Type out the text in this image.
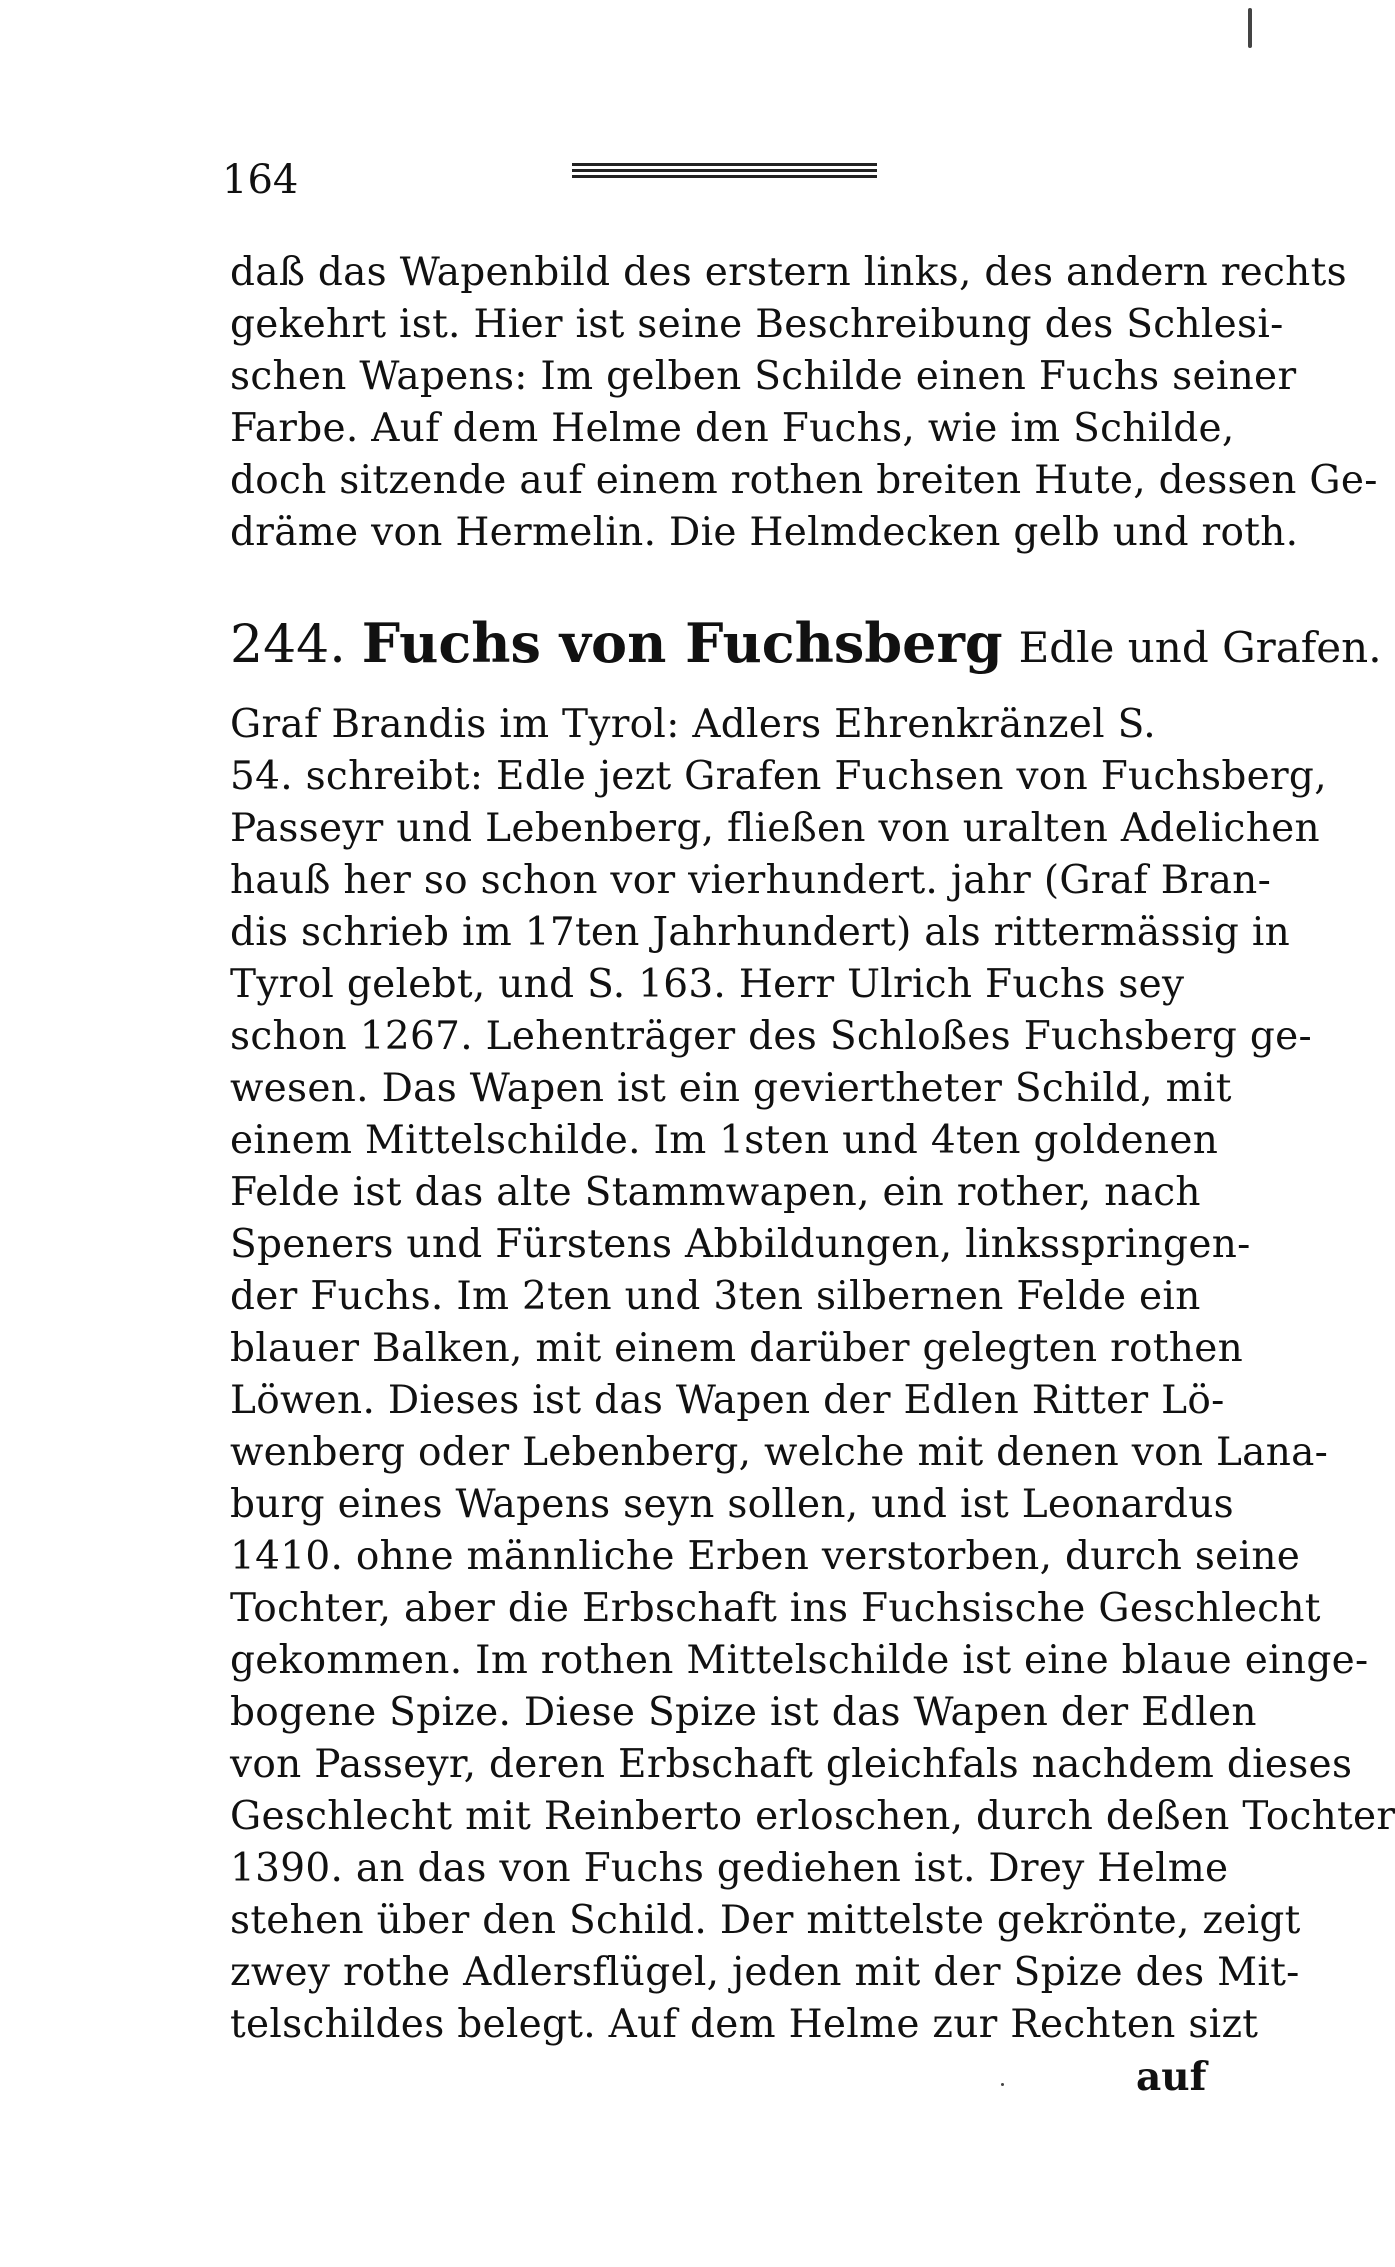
164
daß das Wapenbild des erstern links, des andern rechts
gekehrt ist. Hier ist seine Beschreibung des Schlesi-
schen Wapens: Im gelben Schilde einen Fuchs seiner
Farbe. Auf dem Helme den Fuchs, wie im Schilde,
doch sitzende auf einem rothen breiten Hute, dessen Ge-
dräme von Hermelin. Die Helmdecken gelb und roth.
244. Fuchs von Fuchsberg Edle und Grafen.
Graf Brandis im Tyrol: Adlers Ehrenkränzel S.
54. schreibt: Edle jezt Grafen Fuchsen von Fuchsberg,
Passeyr und Lebenberg, fließen von uralten Adelichen
hauß her so schon vor vierhundert. jahr (Graf Bran-
dis schrieb im 17ten Jahrhundert) als rittermässig in
Tyrol gelebt, und S. 163. Herr Ulrich Fuchs sey
schon 1267. Lehenträger des Schloßes Fuchsberg ge-
wesen. Das Wapen ist ein geviertheter Schild, mit
einem Mittelschilde. Im 1sten und 4ten goldenen
Felde ist das alte Stammwapen, ein rother, nach
Speners und Fürstens Abbildungen, linksspringen-
der Fuchs. Im 2ten und 3ten silbernen Felde ein
blauer Balken, mit einem darüber gelegten rothen
Löwen. Dieses ist das Wapen der Edlen Ritter Lö-
wenberg oder Lebenberg, welche mit denen von Lana-
burg eines Wapens seyn sollen, und ist Leonardus
1410. ohne männliche Erben verstorben, durch seine
Tochter, aber die Erbschaft ins Fuchsische Geschlecht
gekommen. Im rothen Mittelschilde ist eine blaue einge-
bogene Spize. Diese Spize ist das Wapen der Edlen
von Passeyr, deren Erbschaft gleichfals nachdem dieses
Geschlecht mit Reinberto erloschen, durch deßen Tochter
1390. an das von Fuchs gediehen ist. Drey Helme
stehen über den Schild. Der mittelste gekrönte, zeigt
zwey rothe Adlersflügel, jeden mit der Spize des Mit-
telschildes belegt. Auf dem Helme zur Rechten sizt
auf
